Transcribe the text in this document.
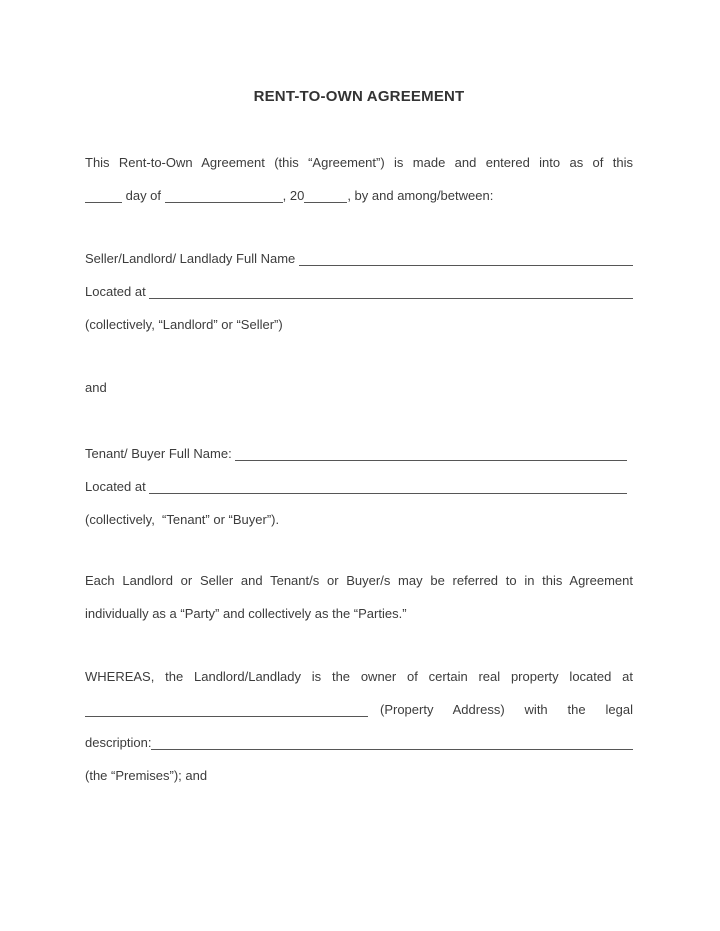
RENT-TO-OWN AGREEMENT
This Rent-to-Own Agreement (this “Agreement”) is made and entered into as of this
day of	, 20	, by and among/between:
Seller/Landlord/ Landlady Full Name
Located at
(collectively, “Landlord” or “Seller”)
and
Tenant/ Buyer Full Name:
Located at
(collectively,  “Tenant” or “Buyer”).
Each Landlord or Seller and Tenant/s or Buyer/s may be referred to in this Agreement
individually as a “Party” and collectively as the “Parties.”
WHEREAS, the Landlord/Landlady is the owner of certain real property located at
(Property Address) with the legal
description:
(the “Premises”); and
